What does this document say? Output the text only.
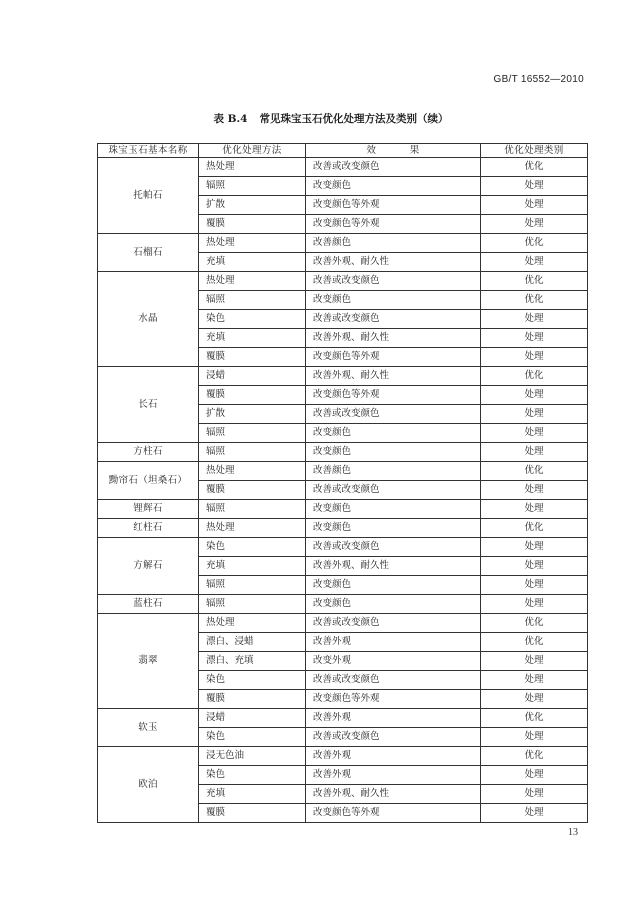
GB/T 16552—2010
表 B.4 常见珠宝玉石优化处理方法及类别（续）
珠宝玉石基本名称	优化处理方法	效 果	优化处理类别
托帕石	热处理	改善或改变颜色	优化
	辐照	改变颜色	处理
	扩散	改变颜色等外观	处理
	覆膜	改变颜色等外观	处理
石榴石	热处理	改善颜色	优化
	充填	改善外观、耐久性	处理
水晶	热处理	改善或改变颜色	优化
	辐照	改变颜色	优化
	染色	改善或改变颜色	处理
	充填	改善外观、耐久性	处理
	覆膜	改变颜色等外观	处理
长石	浸蜡	改善外观、耐久性	优化
	覆膜	改变颜色等外观	处理
	扩散	改善或改变颜色	处理
	辐照	改变颜色	处理
方柱石	辐照	改变颜色	处理
黝帘石（坦桑石）	热处理	改善颜色	优化
	覆膜	改善或改变颜色	处理
锂辉石	辐照	改变颜色	处理
红柱石	热处理	改变颜色	优化
方解石	染色	改善或改变颜色	处理
	充填	改善外观、耐久性	处理
	辐照	改变颜色	处理
蓝柱石	辐照	改变颜色	处理
翡翠	热处理	改善或改变颜色	优化
	漂白、浸蜡	改善外观	优化
	漂白、充填	改变外观	处理
	染色	改善或改变颜色	处理
	覆膜	改变颜色等外观	处理
软玉	浸蜡	改善外观	优化
	染色	改善或改变颜色	处理
欧泊	浸无色油	改善外观	优化
	染色	改善外观	处理
	充填	改善外观、耐久性	处理
	覆膜	改变颜色等外观	处理
13
